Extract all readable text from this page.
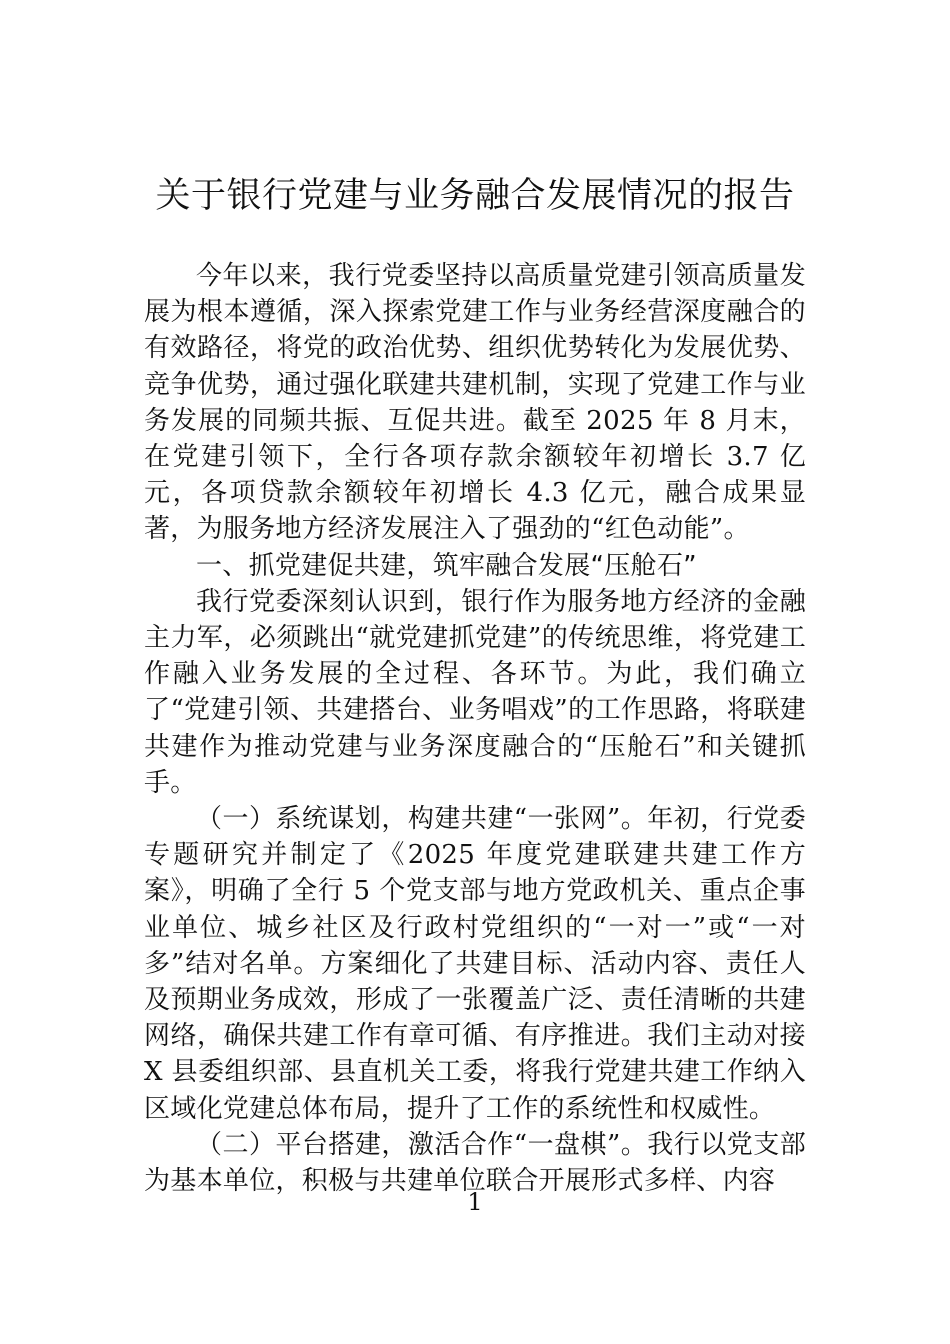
关于银行党建与业务融合发展情况的报告

今年以来，我行党委坚持以高质量党建引领高质量发展为根本遵循，深入探索党建工作与业务经营深度融合的有效路径，将党的政治优势、组织优势转化为发展优势、竞争优势，通过强化联建共建机制，实现了党建工作与业务发展的同频共振、互促共进。截至 2025 年 8 月末，在党建引领下，全行各项存款余额较年初增长 3.7 亿元，各项贷款余额较年初增长 4.3 亿元，融合成果显著，为服务地方经济发展注入了强劲的“红色动能”。

一、抓党建促共建，筑牢融合发展“压舱石”

我行党委深刻认识到，银行作为服务地方经济的金融主力军，必须跳出“就党建抓党建”的传统思维，将党建工作融入业务发展的全过程、各环节。为此，我们确立了“党建引领、共建搭台、业务唱戏”的工作思路，将联建共建作为推动党建与业务深度融合的“压舱石”和关键抓手。

（一）系统谋划，构建共建“一张网”。年初，行党委专题研究并制定了《2025 年度党建联建共建工作方案》，明确了全行 5 个党支部与地方党政机关、重点企事业单位、城乡社区及行政村党组织的“一对一”或“一对多”结对名单。方案细化了共建目标、活动内容、责任人及预期业务成效，形成了一张覆盖广泛、责任清晰的共建网络，确保共建工作有章可循、有序推进。我们主动对接 X 县委组织部、县直机关工委，将我行党建共建工作纳入区域化党建总体布局，提升了工作的系统性和权威性。

（二）平台搭建，激活合作“一盘棋”。我行以党支部为基本单位，积极与共建单位联合开展形式多样、内容

1
